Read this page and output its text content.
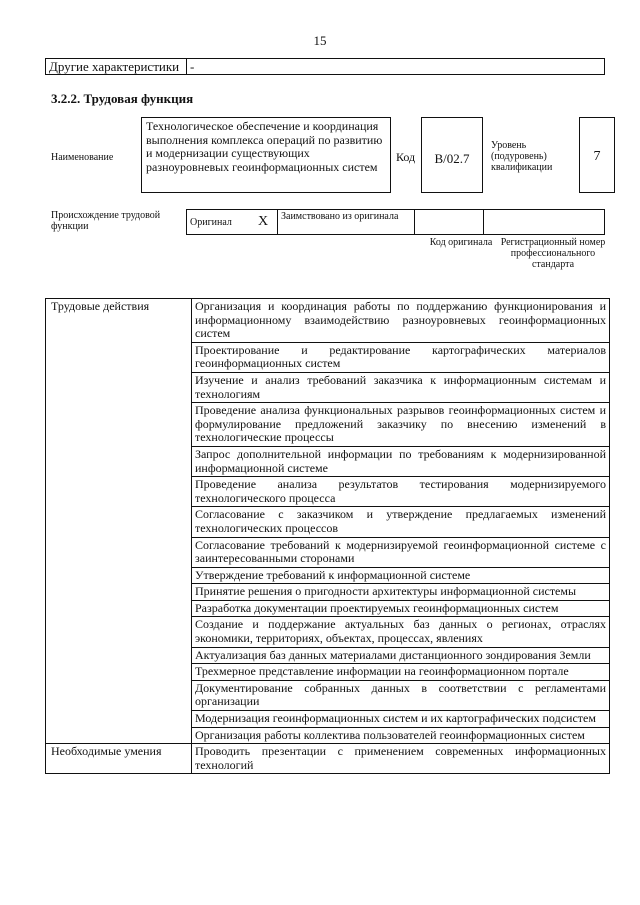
15
Другие характеристики	-
3.2.2. Трудовая функция
Наименование
Технологическое обеспечение и координация выполнения комплекса операций по развитию и модернизации существующих разноуровневых геоинформационных систем
Код	B/02.7
Уровень (подуровень) квалификации
7
Происхождение трудовой функции	Оригинал	X	Заимствовано из оригинала		
Код оригинала Регистрационный номер профессионального стандарта
Трудовые действия	Организация и координация работы по поддержанию функционирования и информационному взаимодействию разноуровневых геоинформационных систем
	Проектирование и редактирование картографических материалов геоинформационных систем
	Изучение и анализ требований заказчика к информационным системам и технологиям
	Проведение анализа функциональных разрывов геоинформационных систем и формулирование предложений заказчику по внесению изменений в технологические процессы
	Запрос дополнительной информации по требованиям к модернизированной информационной системе
	Проведение анализа результатов тестирования модернизируемого технологического процесса
	Согласование с заказчиком и утверждение предлагаемых изменений технологических процессов
	Согласование требований к модернизируемой геоинформационной системе с заинтересованными сторонами
	Утверждение требований к информационной системе
	Принятие решения о пригодности архитектуры информационной системы
	Разработка документации проектируемых геоинформационных систем
	Создание и поддержание актуальных баз данных о регионах, отраслях экономики, территориях, объектах, процессах, явлениях
	Актуализация баз данных материалами дистанционного зондирования Земли
	Трехмерное представление информации на геоинформационном портале
	Документирование собранных данных в соответствии с регламентами организации
	Модернизация геоинформационных систем и их картографических подсистем
	Организация работы коллектива пользователей геоинформационных систем
Необходимые умения	Проводить презентации с применением современных информационных технологий
